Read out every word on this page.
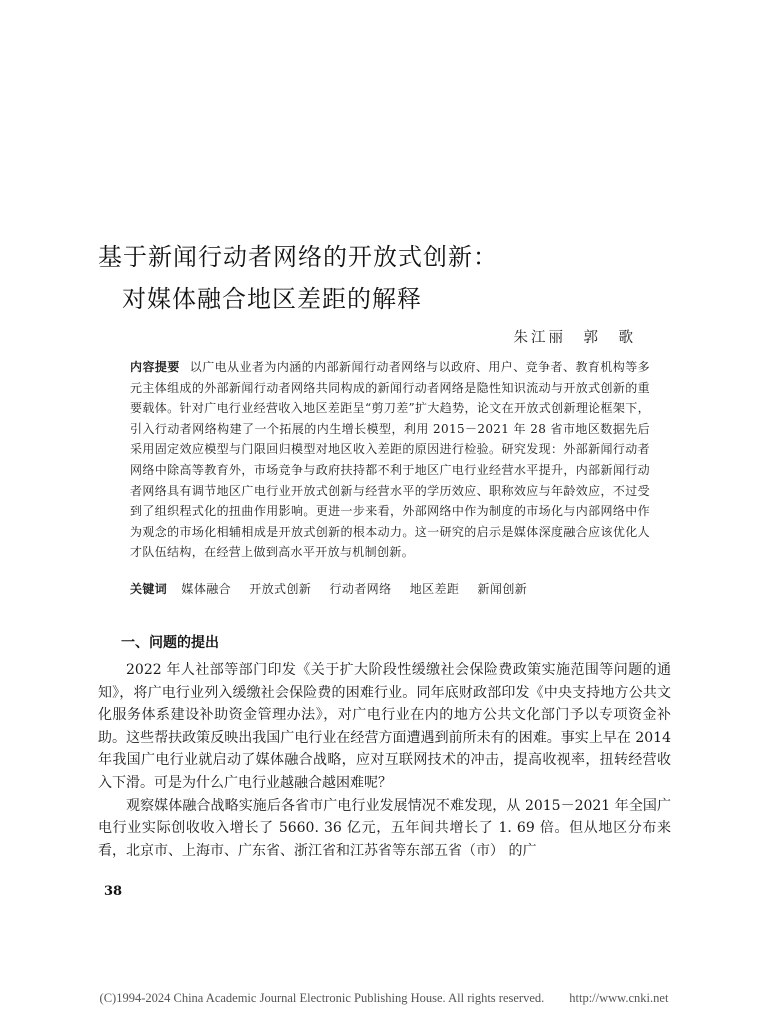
基于新闻行动者网络的开放式创新：

对媒体融合地区差距的解释
朱江丽　郭　歌
内容提要 以广电从业者为内涵的内部新闻行动者网络与以政府、用户、竞争者、教育机构等多元主体组成的外部新闻行动者网络共同构成的新闻行动者网络是隐性知识流动与开放式创新的重要载体。针对广电行业经营收入地区差距呈“剪刀差”扩大趋势，论文在开放式创新理论框架下，引入行动者网络构建了一个拓展的内生增长模型，利用 2015－2021 年 28 省市地区数据先后采用固定效应模型与门限回归模型对地区收入差距的原因进行检验。研究发现：外部新闻行动者网络中除高等教育外，市场竞争与政府扶持都不利于地区广电行业经营水平提升，内部新闻行动者网络具有调节地区广电行业开放式创新与经营水平的学历效应、职称效应与年龄效应，不过受到了组织程式化的扭曲作用影响。更进一步来看，外部网络中作为制度的市场化与内部网络中作为观念的市场化相辅相成是开放式创新的根本动力。这一研究的启示是媒体深度融合应该优化人才队伍结构，在经营上做到高水平开放与机制创新。
关键词 媒体融合 开放式创新 行动者网络 地区差距 新闻创新
一、问题的提出

2022 年人社部等部门印发《关于扩大阶段性缓缴社会保险费政策实施范围等问题的通知》，将广电行业列入缓缴社会保险费的困难行业。同年底财政部印发《中央支持地方公共文化服务体系建设补助资金管理办法》，对广电行业在内的地方公共文化部门予以专项资金补助。这些帮扶政策反映出我国广电行业在经营方面遭遇到前所未有的困难。事实上早在 2014 年我国广电行业就启动了媒体融合战略，应对互联网技术的冲击，提高收视率，扭转经营收入下滑。可是为什么广电行业越融合越困难呢？

观察媒体融合战略实施后各省市广电行业发展情况不难发现，从 2015－2021 年全国广电行业实际创收收入增长了 5660. 36 亿元，五年间共增长了 1. 69 倍。但从地区分布来看，北京市、上海市、广东省、浙江省和江苏省等东部五省（市） 的广

38
(C)1994-2024 China Academic Journal Electronic Publishing House. All rights reserved.　　http://www.cnki.net
